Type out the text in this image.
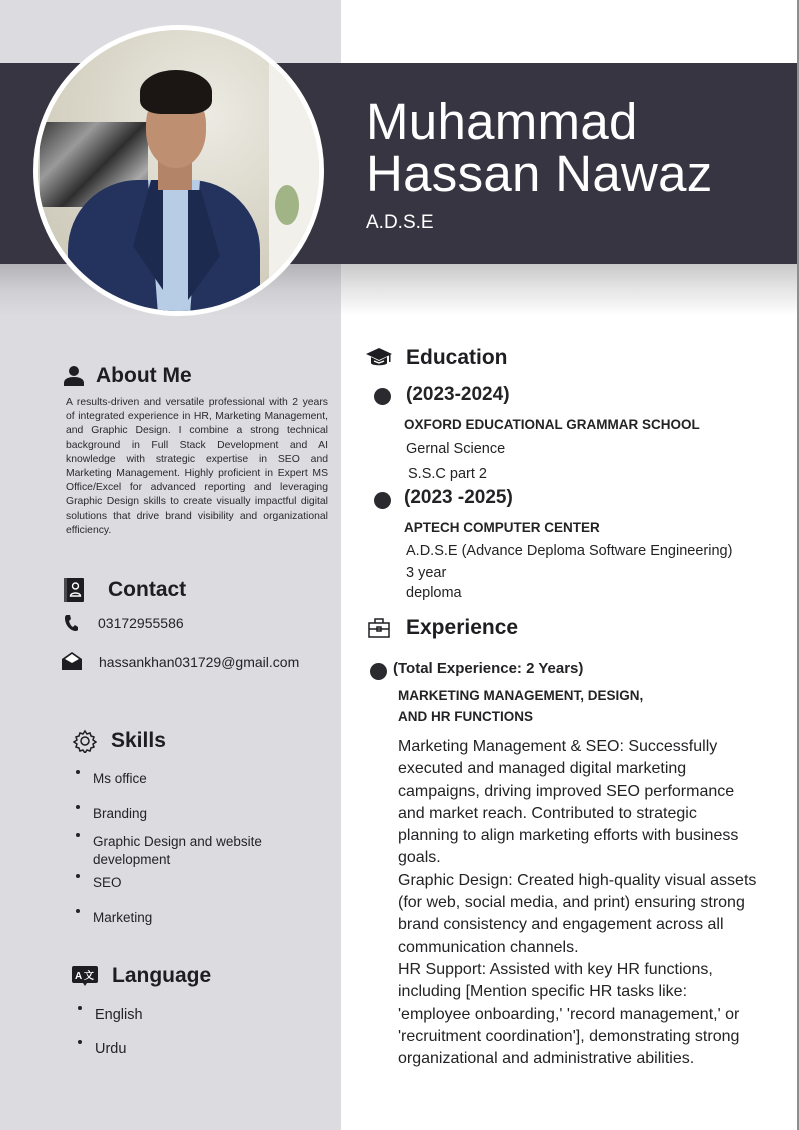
Muhammad
Hassan Nawaz
A.D.S.E
About Me
A results-driven and versatile professional with 2 years of integrated experience in HR, Marketing Management, and Graphic Design. I combine a strong technical background in Full Stack Development and AI knowledge with strategic expertise in SEO and Marketing Management. Highly proficient in Expert MS Office/Excel for advanced reporting and leveraging Graphic Design skills to create visually impactful digital solutions that drive brand visibility and organizational efficiency.
Contact
03172955586
hassankhan031729@gmail.com
Skills
Ms office
Branding
Graphic Design and website development
SEO
Marketing
A 文 Language
English
Urdu
Education
(2023-2024)
OXFORD EDUCATIONAL GRAMMAR SCHOOL
Gernal Science
S.S.C part 2
(2023 -2025)
APTECH COMPUTER CENTER
A.D.S.E (Advance Deploma Software Engineering)
3 year
deploma
Experience
(Total Experience: 2 Years)
MARKETING MANAGEMENT, DESIGN,
AND HR FUNCTIONS

Marketing Management & SEO: Successfully executed and managed digital marketing campaigns, driving improved SEO performance and market reach. Contributed to strategic planning to align marketing efforts with business goals.

Graphic Design: Created high-quality visual assets (for web, social media, and print) ensuring strong brand consistency and engagement across all communication channels.

HR Support: Assisted with key HR functions, including [Mention specific HR tasks like: 'employee onboarding,' 'record management,' or 'recruitment coordination'], demonstrating strong organizational and administrative abilities.
